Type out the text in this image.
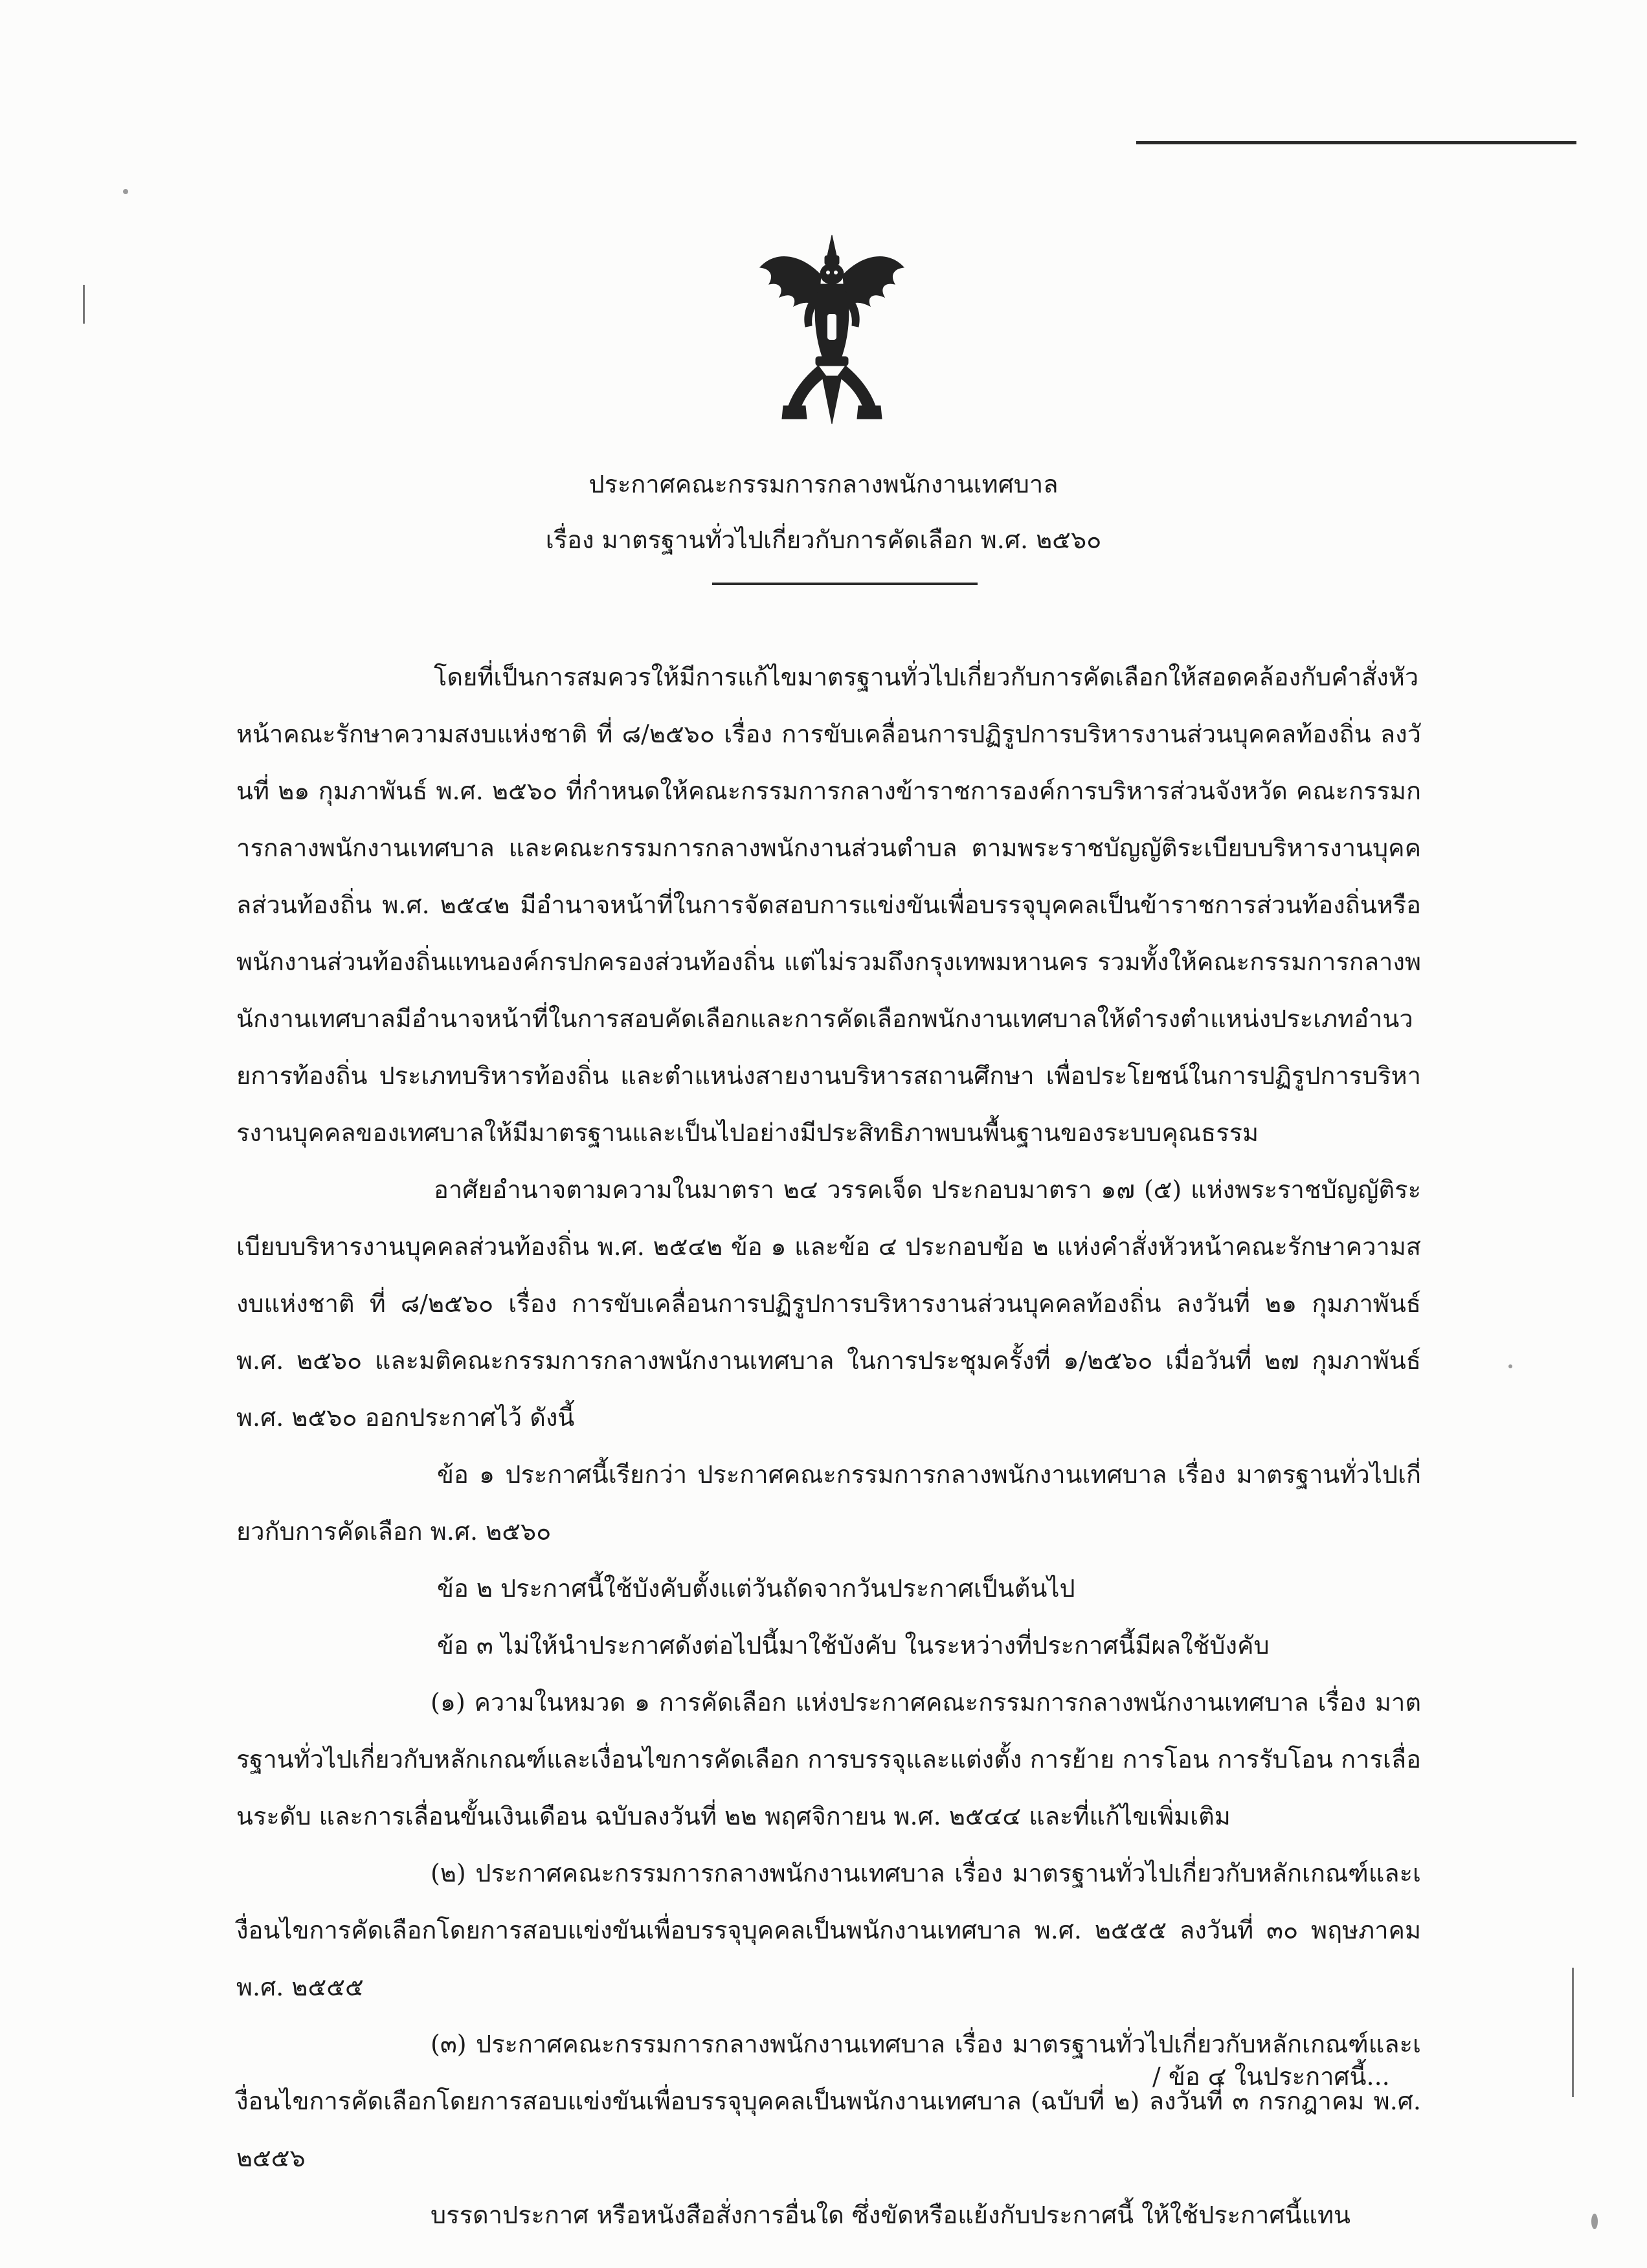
ประกาศคณะกรรมการกลางพนักงานเทศบาล
เรื่อง มาตรฐานทั่วไปเกี่ยวกับการคัดเลือก พ.ศ. ๒๕๖๐

โดยที่เป็นการสมควรให้มีการแก้ไขมาตรฐานทั่วไปเกี่ยวกับการคัดเลือกให้สอดคล้องกับคำสั่งหัวหน้าคณะรักษาความสงบแห่งชาติ ที่ ๘/๒๕๖๐ เรื่อง การขับเคลื่อนการปฏิรูปการบริหารงานส่วนบุคคลท้องถิ่น ลงวันที่ ๒๑ กุมภาพันธ์ พ.ศ. ๒๕๖๐ ที่กำหนดให้คณะกรรมการกลางข้าราชการองค์การบริหารส่วนจังหวัด คณะกรรมการกลางพนักงานเทศบาล และคณะกรรมการกลางพนักงานส่วนตำบล ตามพระราชบัญญัติระเบียบบริหารงานบุคคลส่วนท้องถิ่น พ.ศ. ๒๕๔๒ มีอำนาจหน้าที่ในการจัดสอบการแข่งขันเพื่อบรรจุบุคคลเป็นข้าราชการส่วนท้องถิ่นหรือพนักงานส่วนท้องถิ่นแทนองค์กรปกครองส่วนท้องถิ่น แต่ไม่รวมถึงกรุงเทพมหานคร รวมทั้งให้คณะกรรมการกลางพนักงานเทศบาลมีอำนาจหน้าที่ในการสอบคัดเลือกและการคัดเลือกพนักงานเทศบาลให้ดำรงตำแหน่งประเภทอำนวยการท้องถิ่น ประเภทบริหารท้องถิ่น และตำแหน่งสายงานบริหารสถานศึกษา เพื่อประโยชน์ในการปฏิรูปการบริหารงานบุคคลของเทศบาลให้มีมาตรฐานและเป็นไปอย่างมีประสิทธิภาพบนพื้นฐานของระบบคุณธรรม

อาศัยอำนาจตามความในมาตรา ๒๔ วรรคเจ็ด ประกอบมาตรา ๑๗ (๕) แห่งพระราชบัญญัติระเบียบบริหารงานบุคคลส่วนท้องถิ่น พ.ศ. ๒๕๔๒ ข้อ ๑ และข้อ ๔ ประกอบข้อ ๒ แห่งคำสั่งหัวหน้าคณะรักษาความสงบแห่งชาติ ที่ ๘/๒๕๖๐ เรื่อง การขับเคลื่อนการปฏิรูปการบริหารงานส่วนบุคคลท้องถิ่น ลงวันที่ ๒๑ กุมภาพันธ์ พ.ศ. ๒๕๖๐ และมติคณะกรรมการกลางพนักงานเทศบาล ในการประชุมครั้งที่ ๑/๒๕๖๐ เมื่อวันที่ ๒๗ กุมภาพันธ์ พ.ศ. ๒๕๖๐ ออกประกาศไว้ ดังนี้

ข้อ ๑ ประกาศนี้เรียกว่า ประกาศคณะกรรมการกลางพนักงานเทศบาล เรื่อง มาตรฐานทั่วไปเกี่ยวกับการคัดเลือก พ.ศ. ๒๕๖๐

ข้อ ๒ ประกาศนี้ใช้บังคับตั้งแต่วันถัดจากวันประกาศเป็นต้นไป

ข้อ ๓ ไม่ให้นำประกาศดังต่อไปนี้มาใช้บังคับ ในระหว่างที่ประกาศนี้มีผลใช้บังคับ

(๑) ความในหมวด ๑ การคัดเลือก แห่งประกาศคณะกรรมการกลางพนักงานเทศบาล เรื่อง มาตรฐานทั่วไปเกี่ยวกับหลักเกณฑ์และเงื่อนไขการคัดเลือก การบรรจุและแต่งตั้ง การย้าย การโอน การรับโอน การเลื่อนระดับ และการเลื่อนขั้นเงินเดือน ฉบับลงวันที่ ๒๒ พฤศจิกายน พ.ศ. ๒๕๔๔ และที่แก้ไขเพิ่มเติม

(๒) ประกาศคณะกรรมการกลางพนักงานเทศบาล เรื่อง มาตรฐานทั่วไปเกี่ยวกับหลักเกณฑ์และเงื่อนไขการคัดเลือกโดยการสอบแข่งขันเพื่อบรรจุบุคคลเป็นพนักงานเทศบาล พ.ศ. ๒๕๕๕ ลงวันที่ ๓๐ พฤษภาคม พ.ศ. ๒๕๕๕

(๓) ประกาศคณะกรรมการกลางพนักงานเทศบาล เรื่อง มาตรฐานทั่วไปเกี่ยวกับหลักเกณฑ์และเงื่อนไขการคัดเลือกโดยการสอบแข่งขันเพื่อบรรจุบุคคลเป็นพนักงานเทศบาล (ฉบับที่ ๒) ลงวันที่ ๓ กรกฎาคม พ.ศ. ๒๕๕๖

บรรดาประกาศ หรือหนังสือสั่งการอื่นใด ซึ่งขัดหรือแย้งกับประกาศนี้ ให้ใช้ประกาศนี้แทน

/ ข้อ ๔ ในประกาศนี้...
